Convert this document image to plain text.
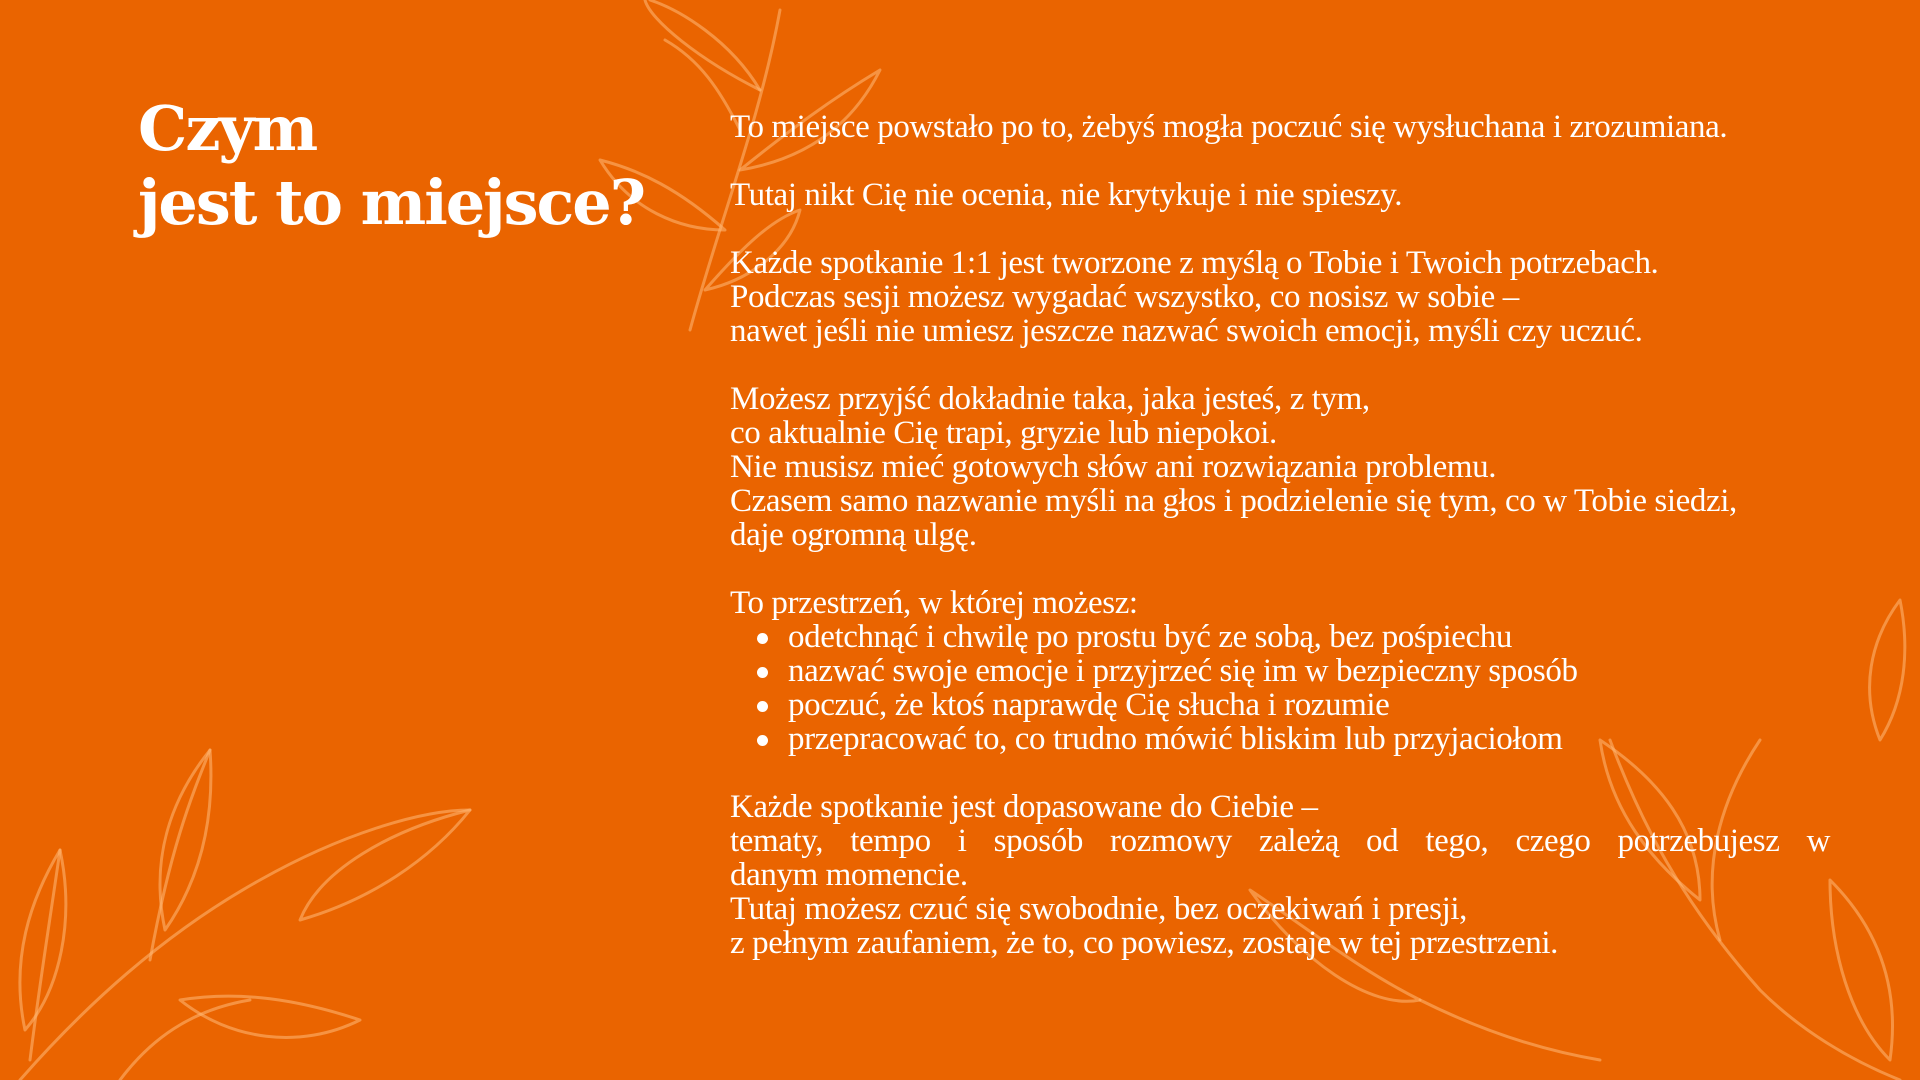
Czym
jest to miejsce?

To miejsce powstało po to, żebyś mogła poczuć się wysłuchana i zrozumiana.

Tutaj nikt Cię nie ocenia, nie krytykuje i nie spieszy.

Każde spotkanie 1:1 jest tworzone z myślą o Tobie i Twoich potrzebach.
Podczas sesji możesz wygadać wszystko, co nosisz w sobie –
nawet jeśli nie umiesz jeszcze nazwać swoich emocji, myśli czy uczuć.

Możesz przyjść dokładnie taka, jaka jesteś, z tym,
co aktualnie Cię trapi, gryzie lub niepokoi.
Nie musisz mieć gotowych słów ani rozwiązania problemu.
Czasem samo nazwanie myśli na głos i podzielenie się tym, co w Tobie siedzi,
daje ogromną ulgę.

To przestrzeń, w której możesz:

odetchnąć i chwilę po prostu być ze sobą, bez pośpiechu
nazwać swoje emocje i przyjrzeć się im w bezpieczny sposób
poczuć, że ktoś naprawdę Cię słucha i rozumie
przepracować to, co trudno mówić bliskim lub przyjaciołom

Każde spotkanie jest dopasowane do Ciebie –
tematy, tempo i sposób rozmowy zależą od tego, czego potrzebujesz w
danym momencie.
Tutaj możesz czuć się swobodnie, bez oczekiwań i presji,
z pełnym zaufaniem, że to, co powiesz, zostaje w tej przestrzeni.
